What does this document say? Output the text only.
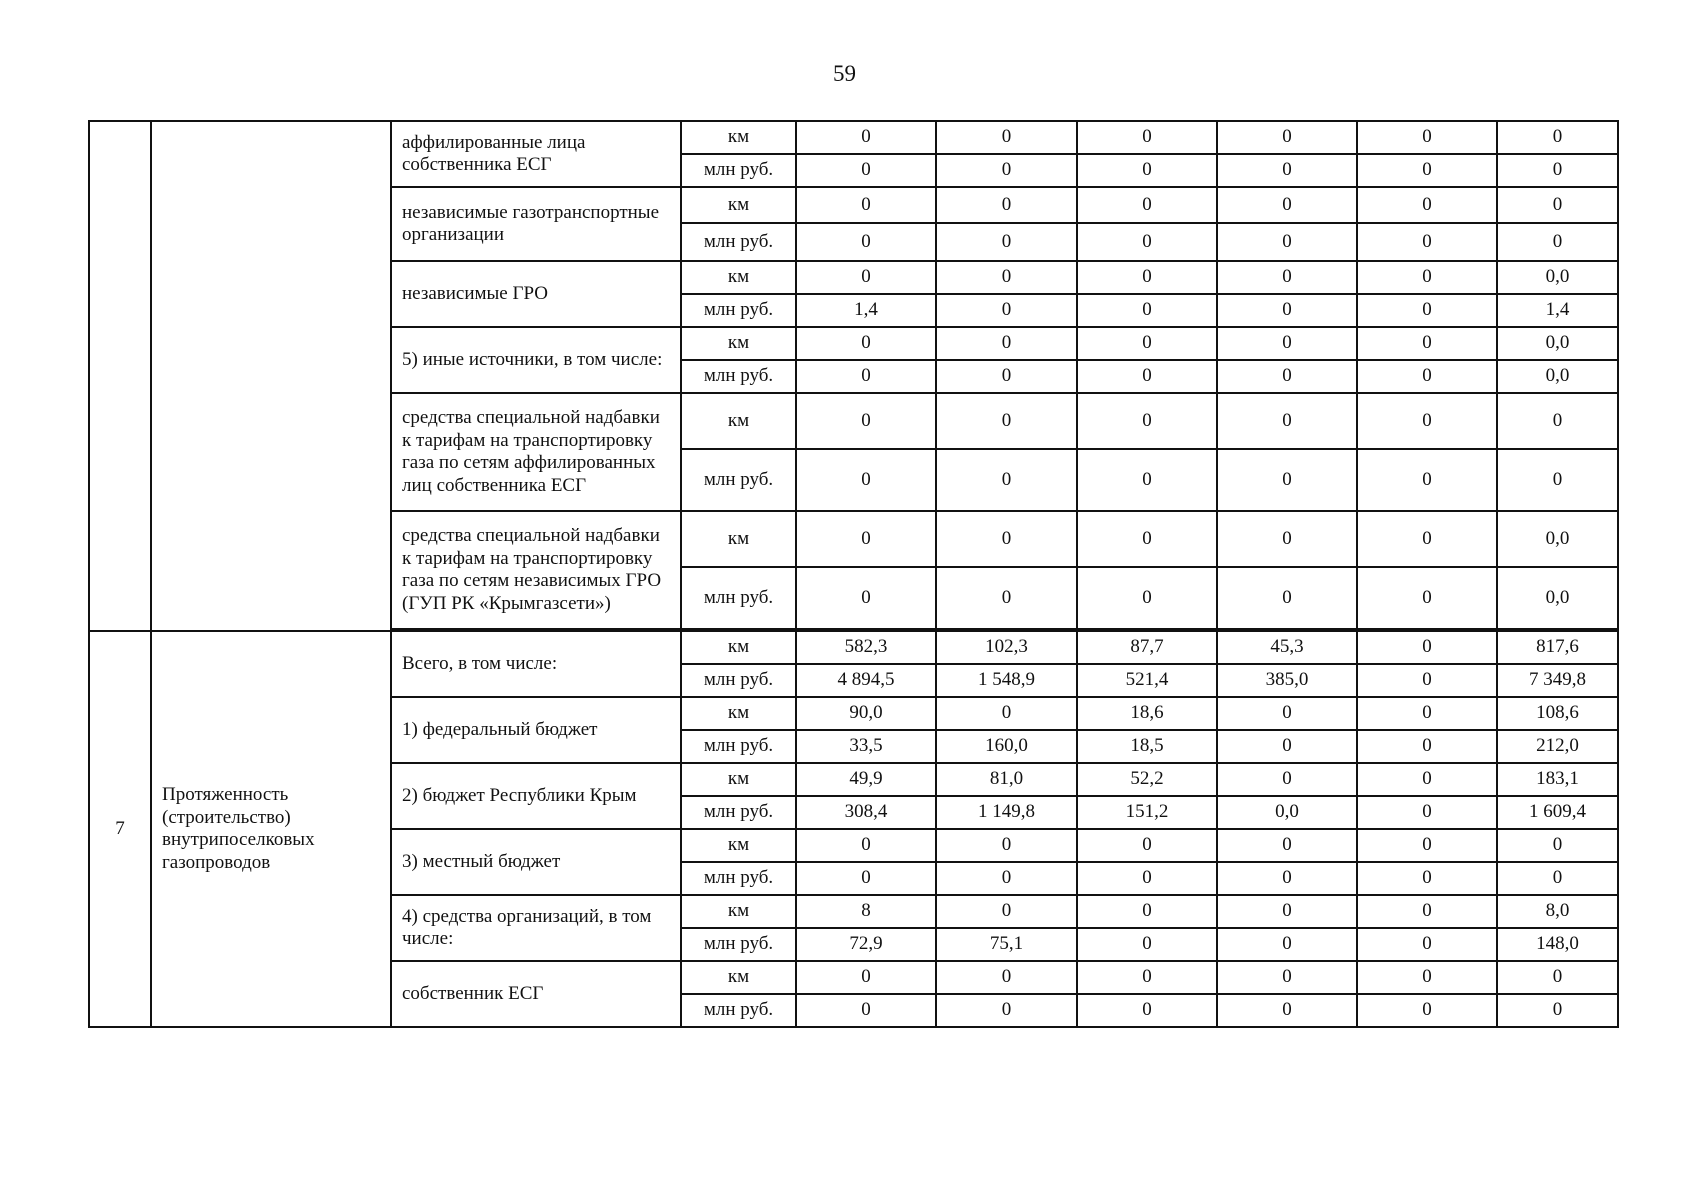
59
		аффилированные лица собственника ЕСГ	км	0	0	0	0	0	0
			млн руб.	0	0	0	0	0	0
		независимые газотранспортные организации	км	0	0	0	0	0	0
			млн руб.	0	0	0	0	0	0
		независимые ГРО	км	0	0	0	0	0	0,0
			млн руб.	1,4	0	0	0	0	1,4
		5) иные источники, в том числе:	км	0	0	0	0	0	0,0
			млн руб.	0	0	0	0	0	0,0
		средства специальной надбавки к тарифам на транспортировку газа по сетям аффилированных лиц собственника ЕСГ	км	0	0	0	0	0	0
			млн руб.	0	0	0	0	0	0
		средства специальной надбавки к тарифам на транспортировку газа по сетям независимых ГРО (ГУП РК «Крымгазсети»)	км	0	0	0	0	0	0,0
			млн руб.	0	0	0	0	0	0,0

7	Протяженность (строительство) внутрипоселковых газопроводов	Всего, в том числе:	км	582,3	102,3	87,7	45,3	0	817,6
			млн руб.	4 894,5	1 548,9	521,4	385,0	0	7 349,8
		1) федеральный бюджет	км	90,0	0	18,6	0	0	108,6
			млн руб.	33,5	160,0	18,5	0	0	212,0
		2) бюджет Республики Крым	км	49,9	81,0	52,2	0	0	183,1
			млн руб.	308,4	1 149,8	151,2	0,0	0	1 609,4
		3) местный бюджет	км	0	0	0	0	0	0
			млн руб.	0	0	0	0	0	0
		4) средства организаций, в том числе:	км	8	0	0	0	0	8,0
			млн руб.	72,9	75,1	0	0	0	148,0
		собственник ЕСГ	км	0	0	0	0	0	0
			млн руб.	0	0	0	0	0	0
